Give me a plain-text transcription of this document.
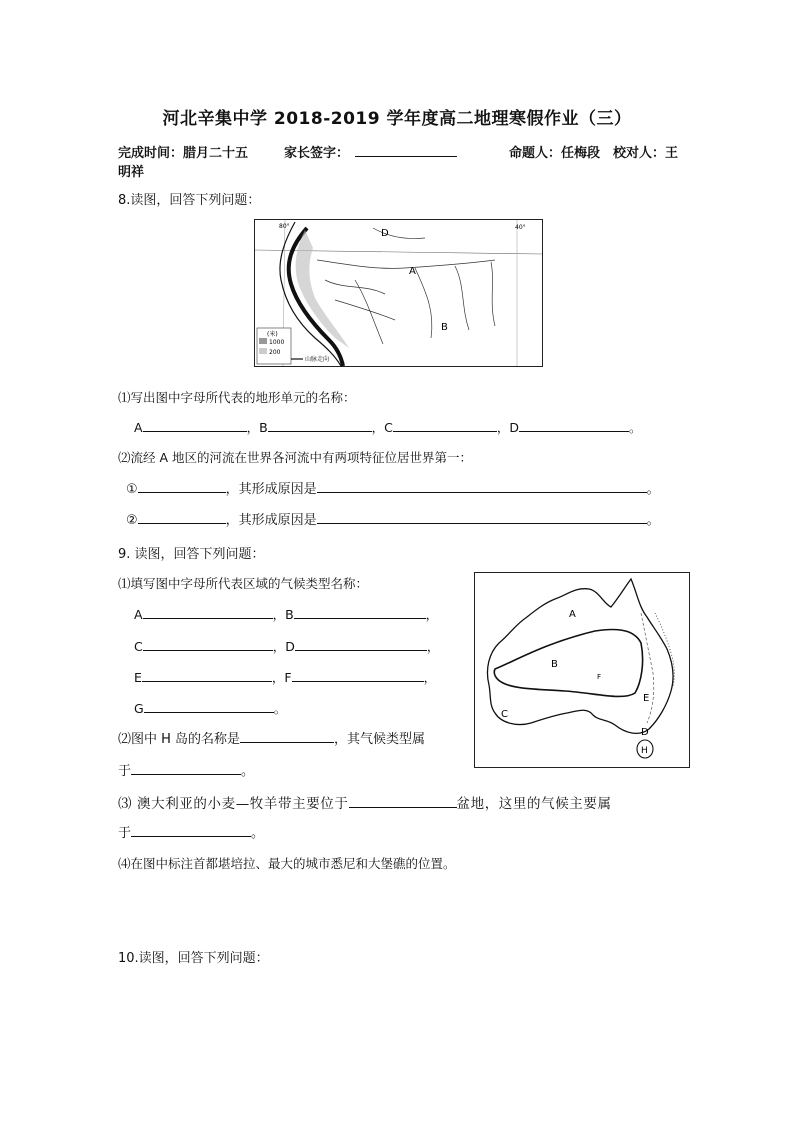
河北辛集中学 2018-2019 学年度高二地理寒假作业（三）
完成时间：腊月二十五	家长签字：	命题人：任梅段 校对人：王
明祥
8.读图，回答下列问题：
(米)
1000
200
山脉走向
80°	40°
D
A
B
⑴写出图中字母所代表的地形单元的名称：
A	，B	，C	，D	。
⑵流经 A 地区的河流在世界各河流中有两项特征位居世界第一：
①	，其形成原因是	。
②	，其形成原因是	。
9. 读图，回答下列问题：
⑴填写图中字母所代表区域的气候类型名称：
A	，B	，
C	，D	，
E	，F	，
G	。
⑵图中 H 岛的名称是	，其气候类型属
于	。
⑶ 澳大利亚的小麦—牧羊带主要位于	盆地，这里的气候主要属
于	。
⑷在图中标注首都堪培拉、最大的城市悉尼和大堡礁的位置。
A
B
C
D
E
F
H
10.读图，回答下列问题：
